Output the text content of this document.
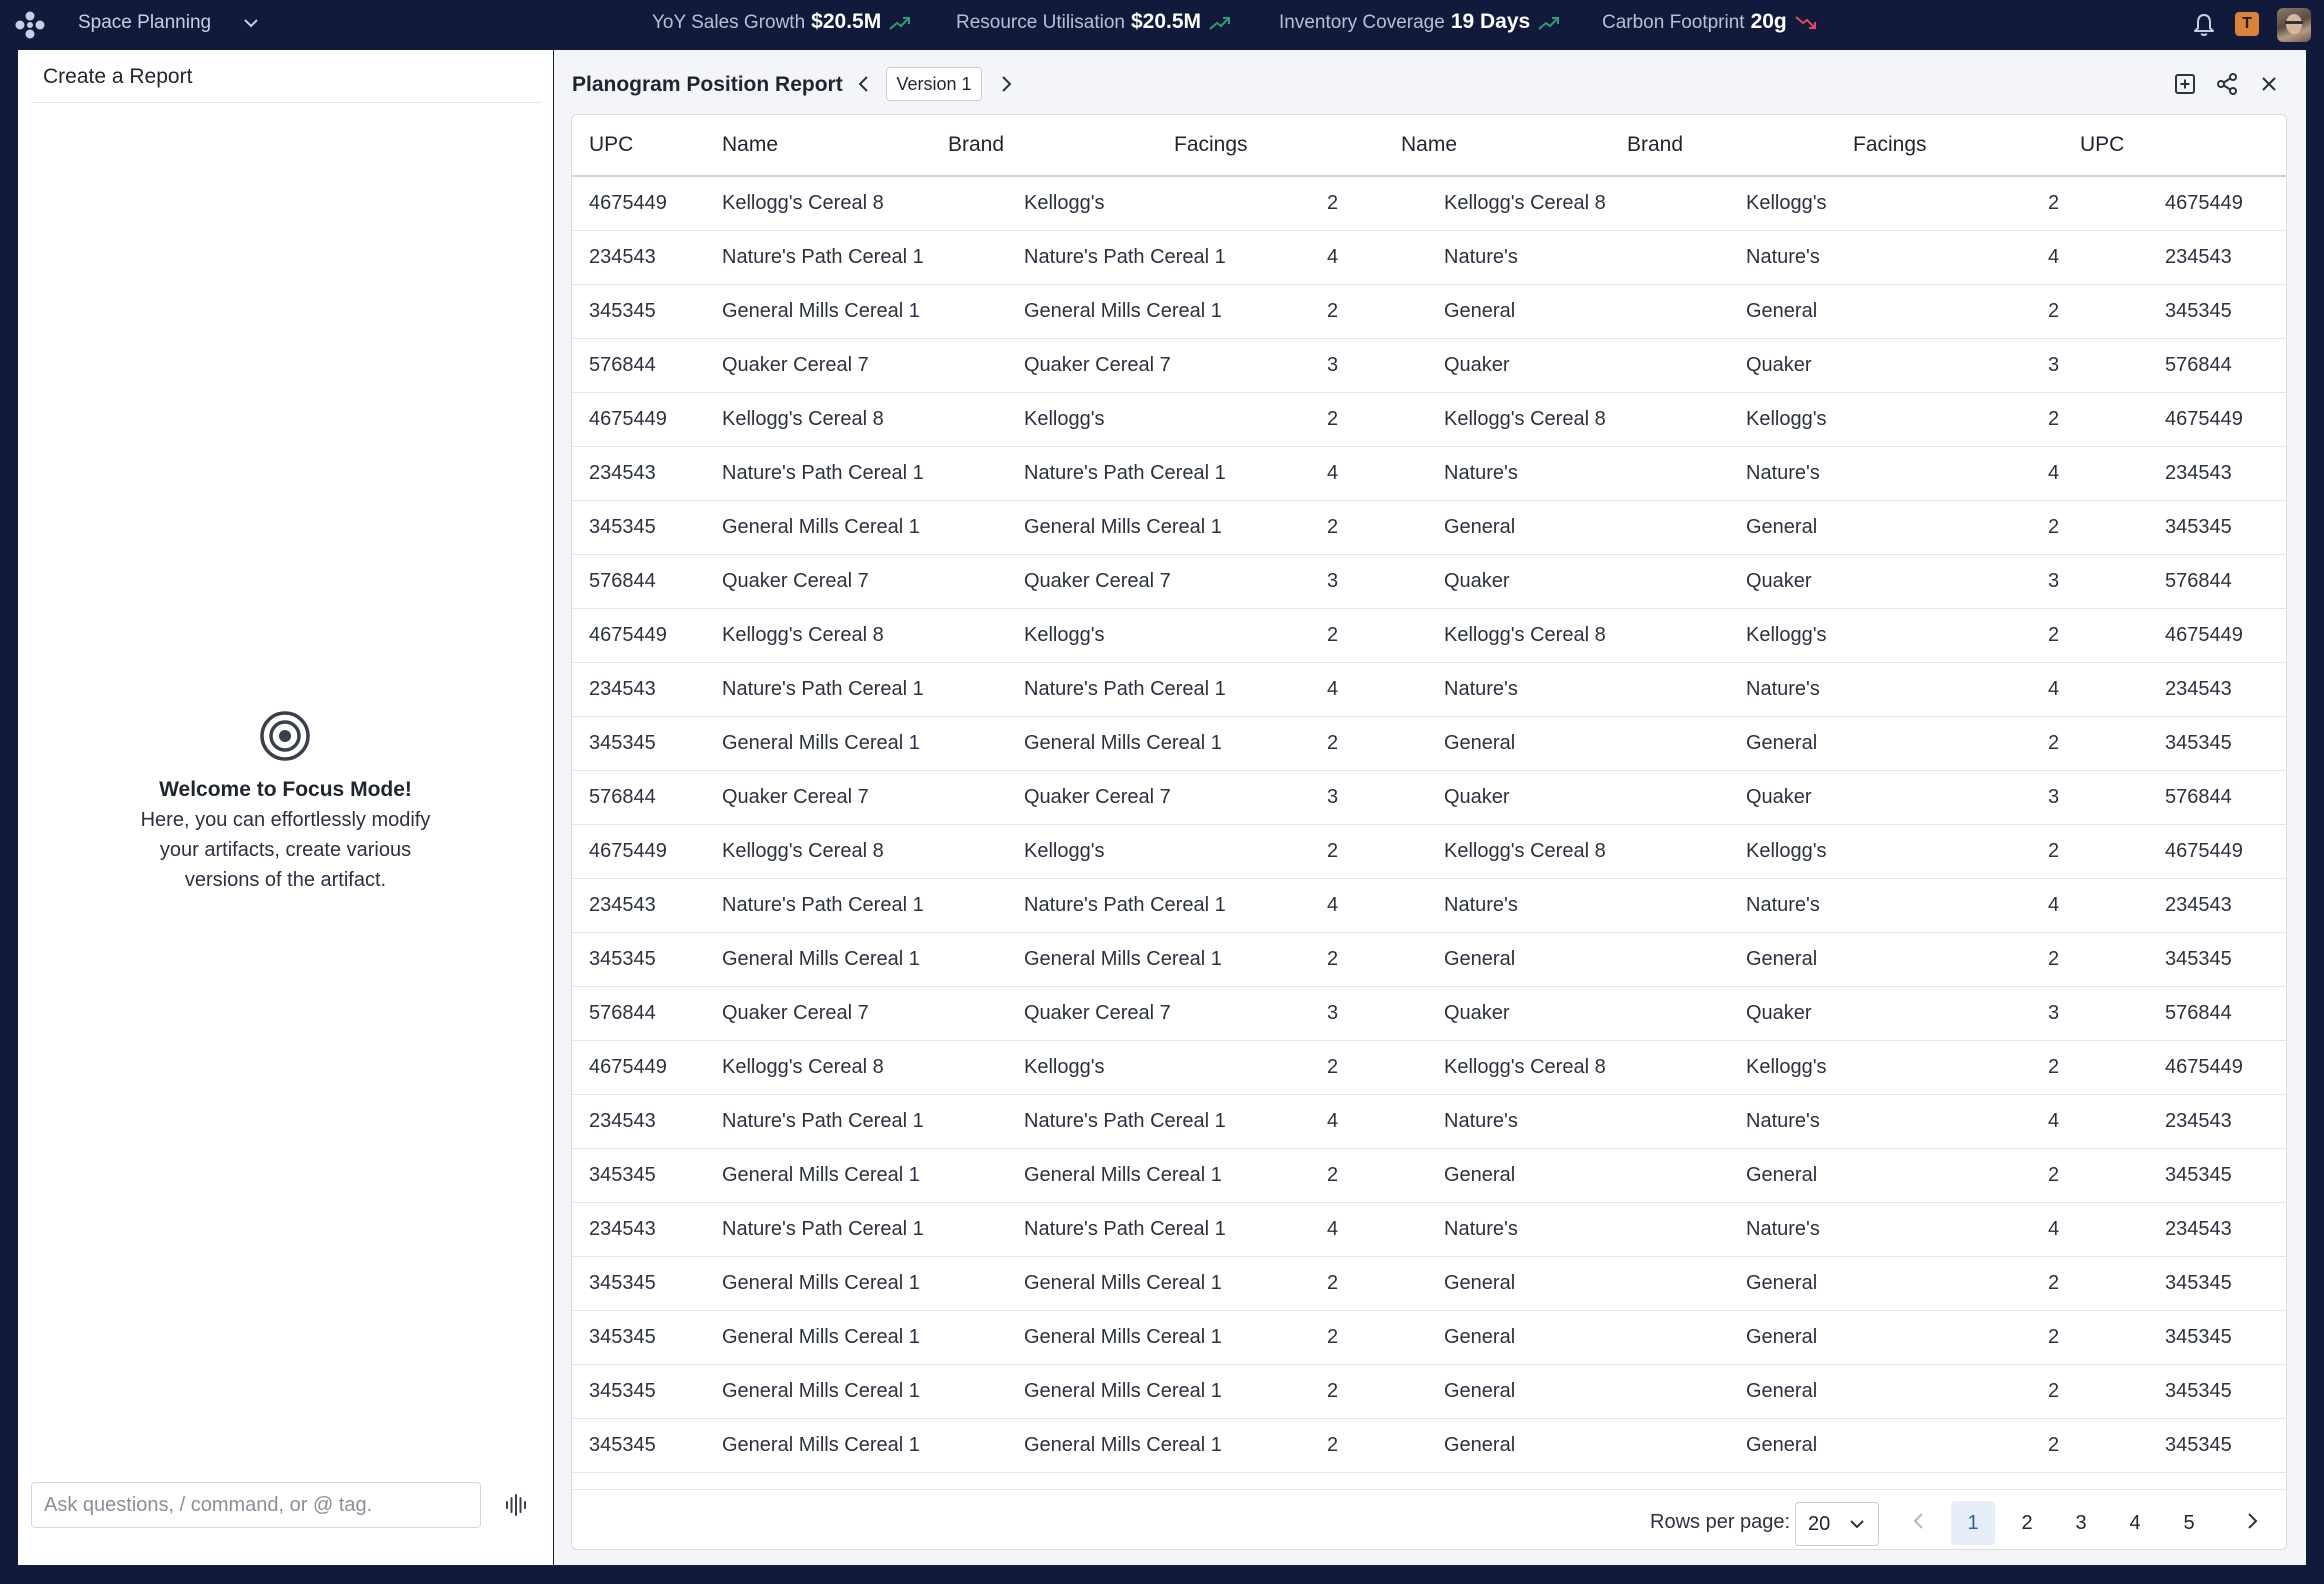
Space Planning	YoY Sales Growth $20.5M	Resource Utilisation $20.5M	Inventory Coverage 19 Days	Carbon Footprint 20g	T
Create a Report
Welcome to Focus Mode!
Here, you can effortlessly modify your artifacts, create various versions of the artifact.
Ask questions, / command, or @ tag.
Planogram Position Report	Version 1
UPC	Name	Brand	Facings	Name	Brand	Facings	UPC
4675449	Kellogg's Cereal 8	Kellogg's	2	Kellogg's Cereal 8	Kellogg's	2	4675449
234543	Nature's Path Cereal 1	Nature's Path Cereal 1	4	Nature's	Nature's	4	234543
345345	General Mills Cereal 1	General Mills Cereal 1	2	General	General	2	345345
576844	Quaker Cereal 7	Quaker Cereal 7	3	Quaker	Quaker	3	576844
4675449	Kellogg's Cereal 8	Kellogg's	2	Kellogg's Cereal 8	Kellogg's	2	4675449
234543	Nature's Path Cereal 1	Nature's Path Cereal 1	4	Nature's	Nature's	4	234543
345345	General Mills Cereal 1	General Mills Cereal 1	2	General	General	2	345345
576844	Quaker Cereal 7	Quaker Cereal 7	3	Quaker	Quaker	3	576844
4675449	Kellogg's Cereal 8	Kellogg's	2	Kellogg's Cereal 8	Kellogg's	2	4675449
234543	Nature's Path Cereal 1	Nature's Path Cereal 1	4	Nature's	Nature's	4	234543
345345	General Mills Cereal 1	General Mills Cereal 1	2	General	General	2	345345
576844	Quaker Cereal 7	Quaker Cereal 7	3	Quaker	Quaker	3	576844
4675449	Kellogg's Cereal 8	Kellogg's	2	Kellogg's Cereal 8	Kellogg's	2	4675449
234543	Nature's Path Cereal 1	Nature's Path Cereal 1	4	Nature's	Nature's	4	234543
345345	General Mills Cereal 1	General Mills Cereal 1	2	General	General	2	345345
576844	Quaker Cereal 7	Quaker Cereal 7	3	Quaker	Quaker	3	576844
4675449	Kellogg's Cereal 8	Kellogg's	2	Kellogg's Cereal 8	Kellogg's	2	4675449
234543	Nature's Path Cereal 1	Nature's Path Cereal 1	4	Nature's	Nature's	4	234543
345345	General Mills Cereal 1	General Mills Cereal 1	2	General	General	2	345345
234543	Nature's Path Cereal 1	Nature's Path Cereal 1	4	Nature's	Nature's	4	234543
345345	General Mills Cereal 1	General Mills Cereal 1	2	General	General	2	345345
345345	General Mills Cereal 1	General Mills Cereal 1	2	General	General	2	345345
345345	General Mills Cereal 1	General Mills Cereal 1	2	General	General	2	345345
345345	General Mills Cereal 1	General Mills Cereal 1	2	General	General	2	345345
Rows per page: 20	1	2	3	4	5
